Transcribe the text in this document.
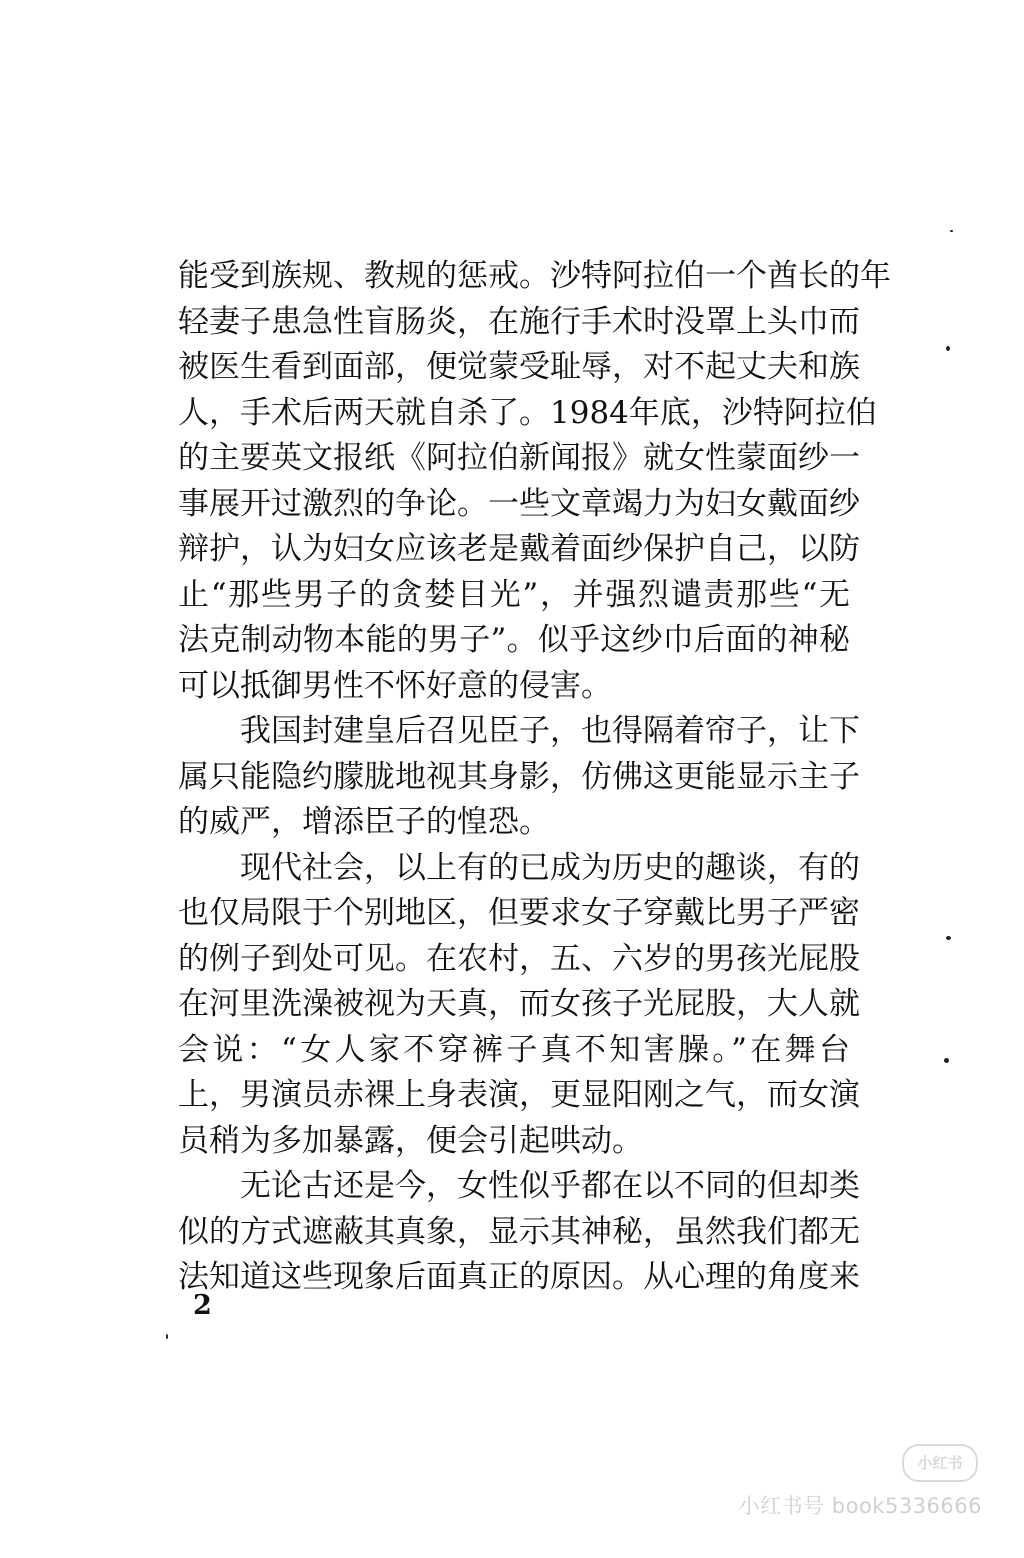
能受到族规、教规的惩戒。沙特阿拉伯一个酋长的年
轻妻子患急性盲肠炎，在施行手术时没罩上头巾而
被医生看到面部，便觉蒙受耻辱，对不起丈夫和族
人，手术后两天就自杀了。1984年底，沙特阿拉伯
的主要英文报纸《阿拉伯新闻报》就女性蒙面纱一
事展开过激烈的争论。一些文章竭力为妇女戴面纱
辩护，认为妇女应该老是戴着面纱保护自己，以防
止“那些男子的贪婪目光”，并强烈谴责那些“无
法克制动物本能的男子”。似乎这纱巾后面的神秘
可以抵御男性不怀好意的侵害。
我国封建皇后召见臣子，也得隔着帘子，让下
属只能隐约朦胧地视其身影，仿佛这更能显示主子
的威严，增添臣子的惶恐。
现代社会，以上有的已成为历史的趣谈，有的
也仅局限于个别地区，但要求女子穿戴比男子严密
的例子到处可见。在农村，五、六岁的男孩光屁股
在河里洗澡被视为天真，而女孩子光屁股，大人就
会说：“女人家不穿裤子真不知害臊。”在舞台
上，男演员赤裸上身表演，更显阳刚之气，而女演
员稍为多加暴露，便会引起哄动。
无论古还是今，女性似乎都在以不同的但却类
似的方式遮蔽其真象，显示其神秘，虽然我们都无
法知道这些现象后面真正的原因。从心理的角度来
2
小红书
小红书号 book5336666
